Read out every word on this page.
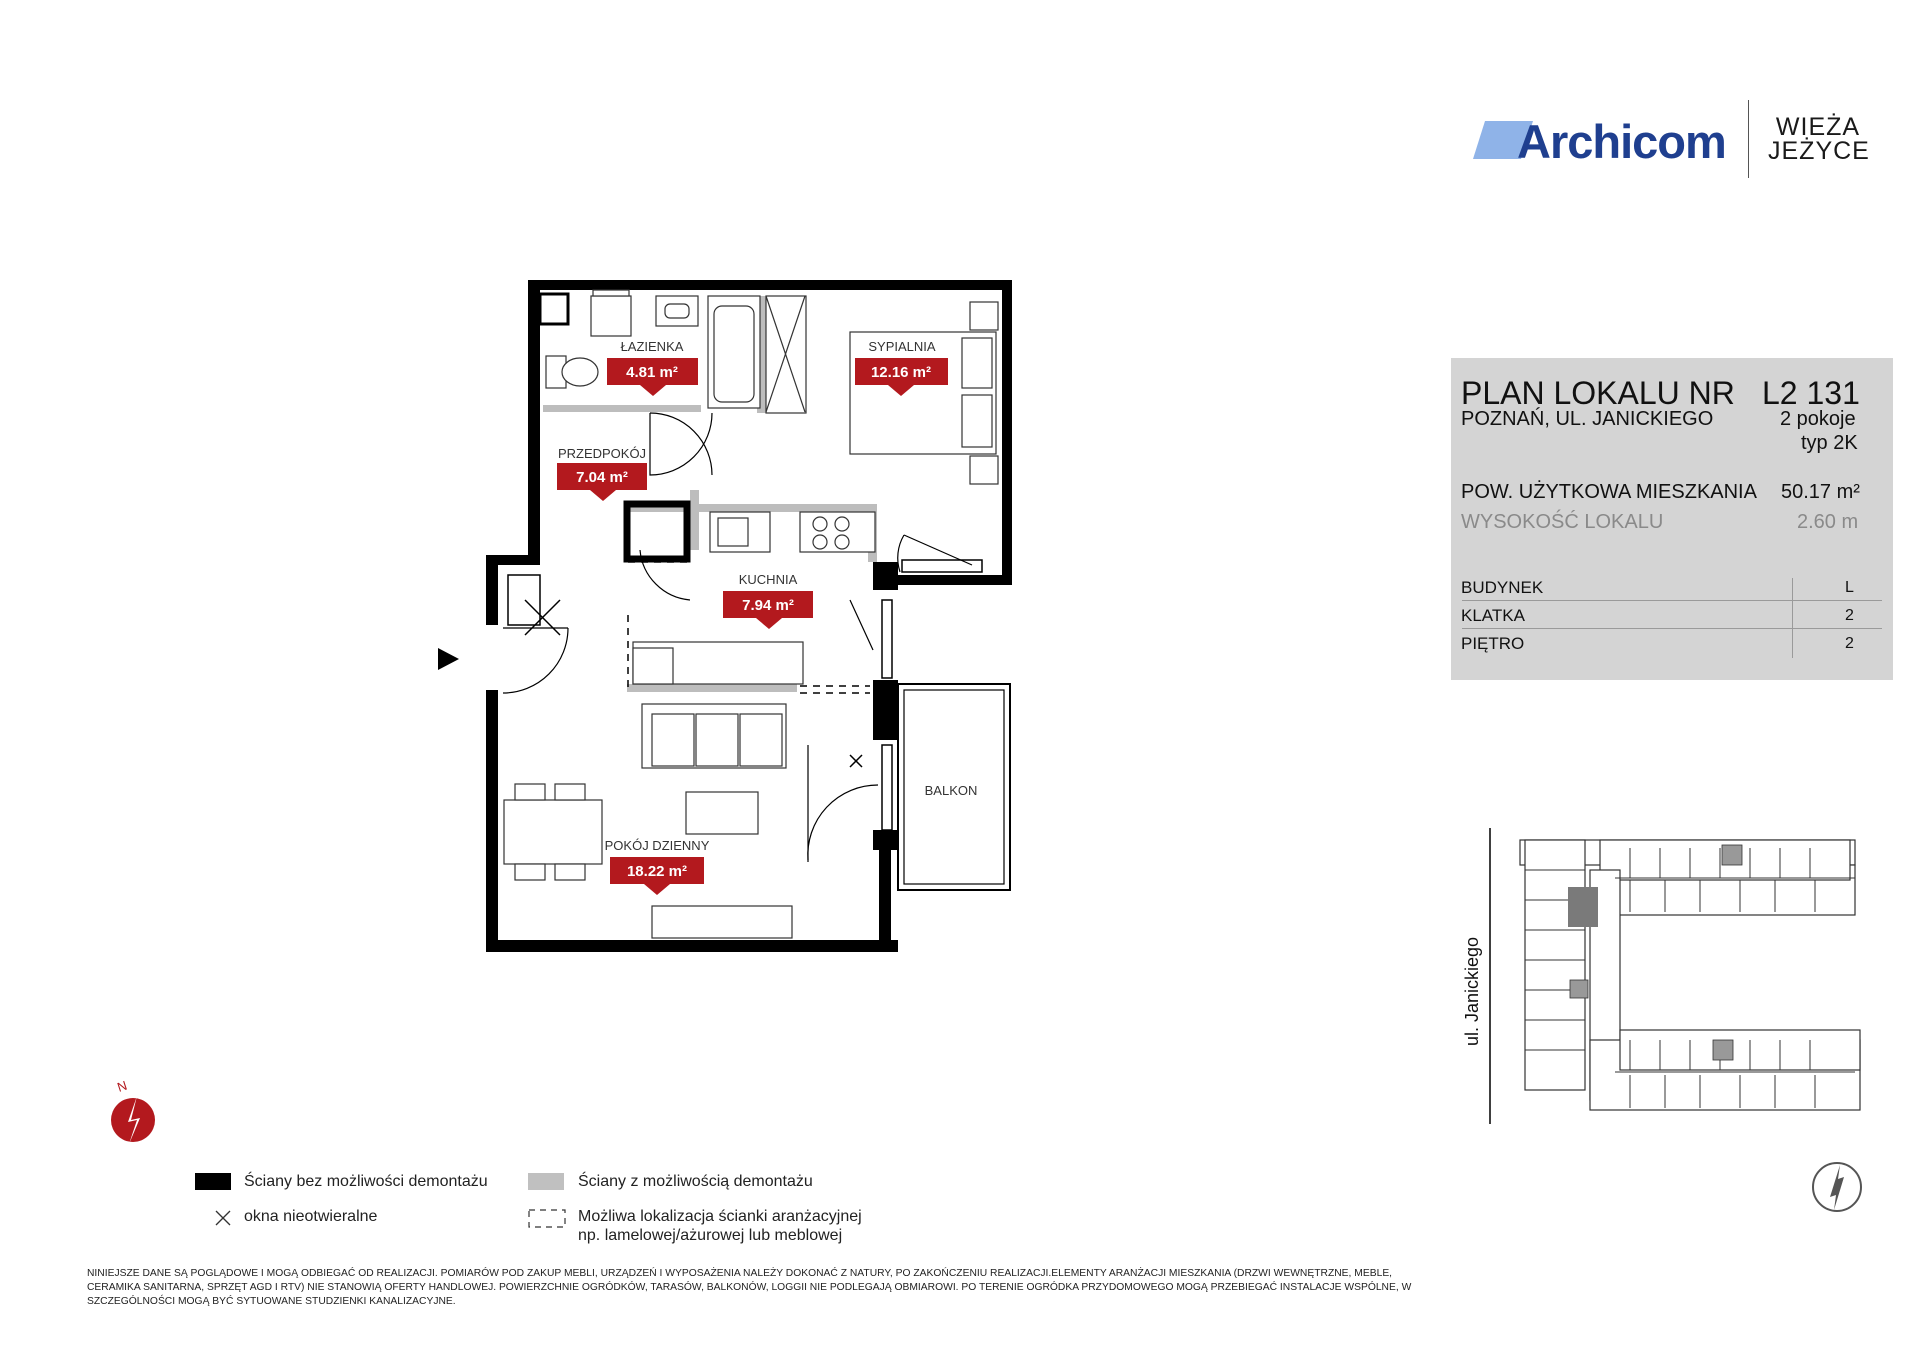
Archicom	WIEŻA
JEŻYCE
PLAN LOKALU NR L2 131
POZNAŃ, UL. JANICKIEGO	2 pokoje
typ 2K
POW. UŻYTKOWA MIESZKANIA 50.17 m²
WYSOKOŚĆ LOKALU	2.60 m
BUDYNEK	L
KLATKA	2
PIĘTRO	2
ŁAZIENKA	SYPIALNIA
PRZEDPOKÓJ
KUCHNIA
POKÓJ DZIENNY
BALKON
4.81 m²	12.16 m²
7.04 m²
7.94 m²
18.22 m²
N
ul. Janickiego
Ściany bez możliwości demontażu	Ściany z możliwością demontażu
okna nieotwieralne	Możliwa lokalizacja ścianki aranżacyjnej
np. lamelowej/ażurowej lub meblowej
NINIEJSZE DANE SĄ POGLĄDOWE I MOGĄ ODBIEGAĆ OD REALIZACJI. POMIARÓW POD ZAKUP MEBLI, URZĄDZEŃ I WYPOSAŻENIA NALEŻY DOKONAĆ Z NATURY, PO ZAKOŃCZENIU REALIZACJI.ELEMENTY ARANŻACJI MIESZKANIA (DRZWI WEWNĘTRZNE, MEBLE, CERAMIKA SANITARNA, SPRZĘT AGD I RTV) NIE STANOWIĄ OFERTY HANDLOWEJ. POWIERZCHNIE OGRÓDKÓW, TARASÓW, BALKONÓW, LOGGII NIE PODLEGAJĄ OBMIAROWI. PO TERENIE OGRÓDKA PRZYDOMOWEGO MOGĄ PRZEBIEGAĆ INSTALACJE WSPÓLNE, W SZCZEGÓLNOŚCI MOGĄ BYĆ SYTUOWANE STUDZIENKI KANALIZACYJNE.
